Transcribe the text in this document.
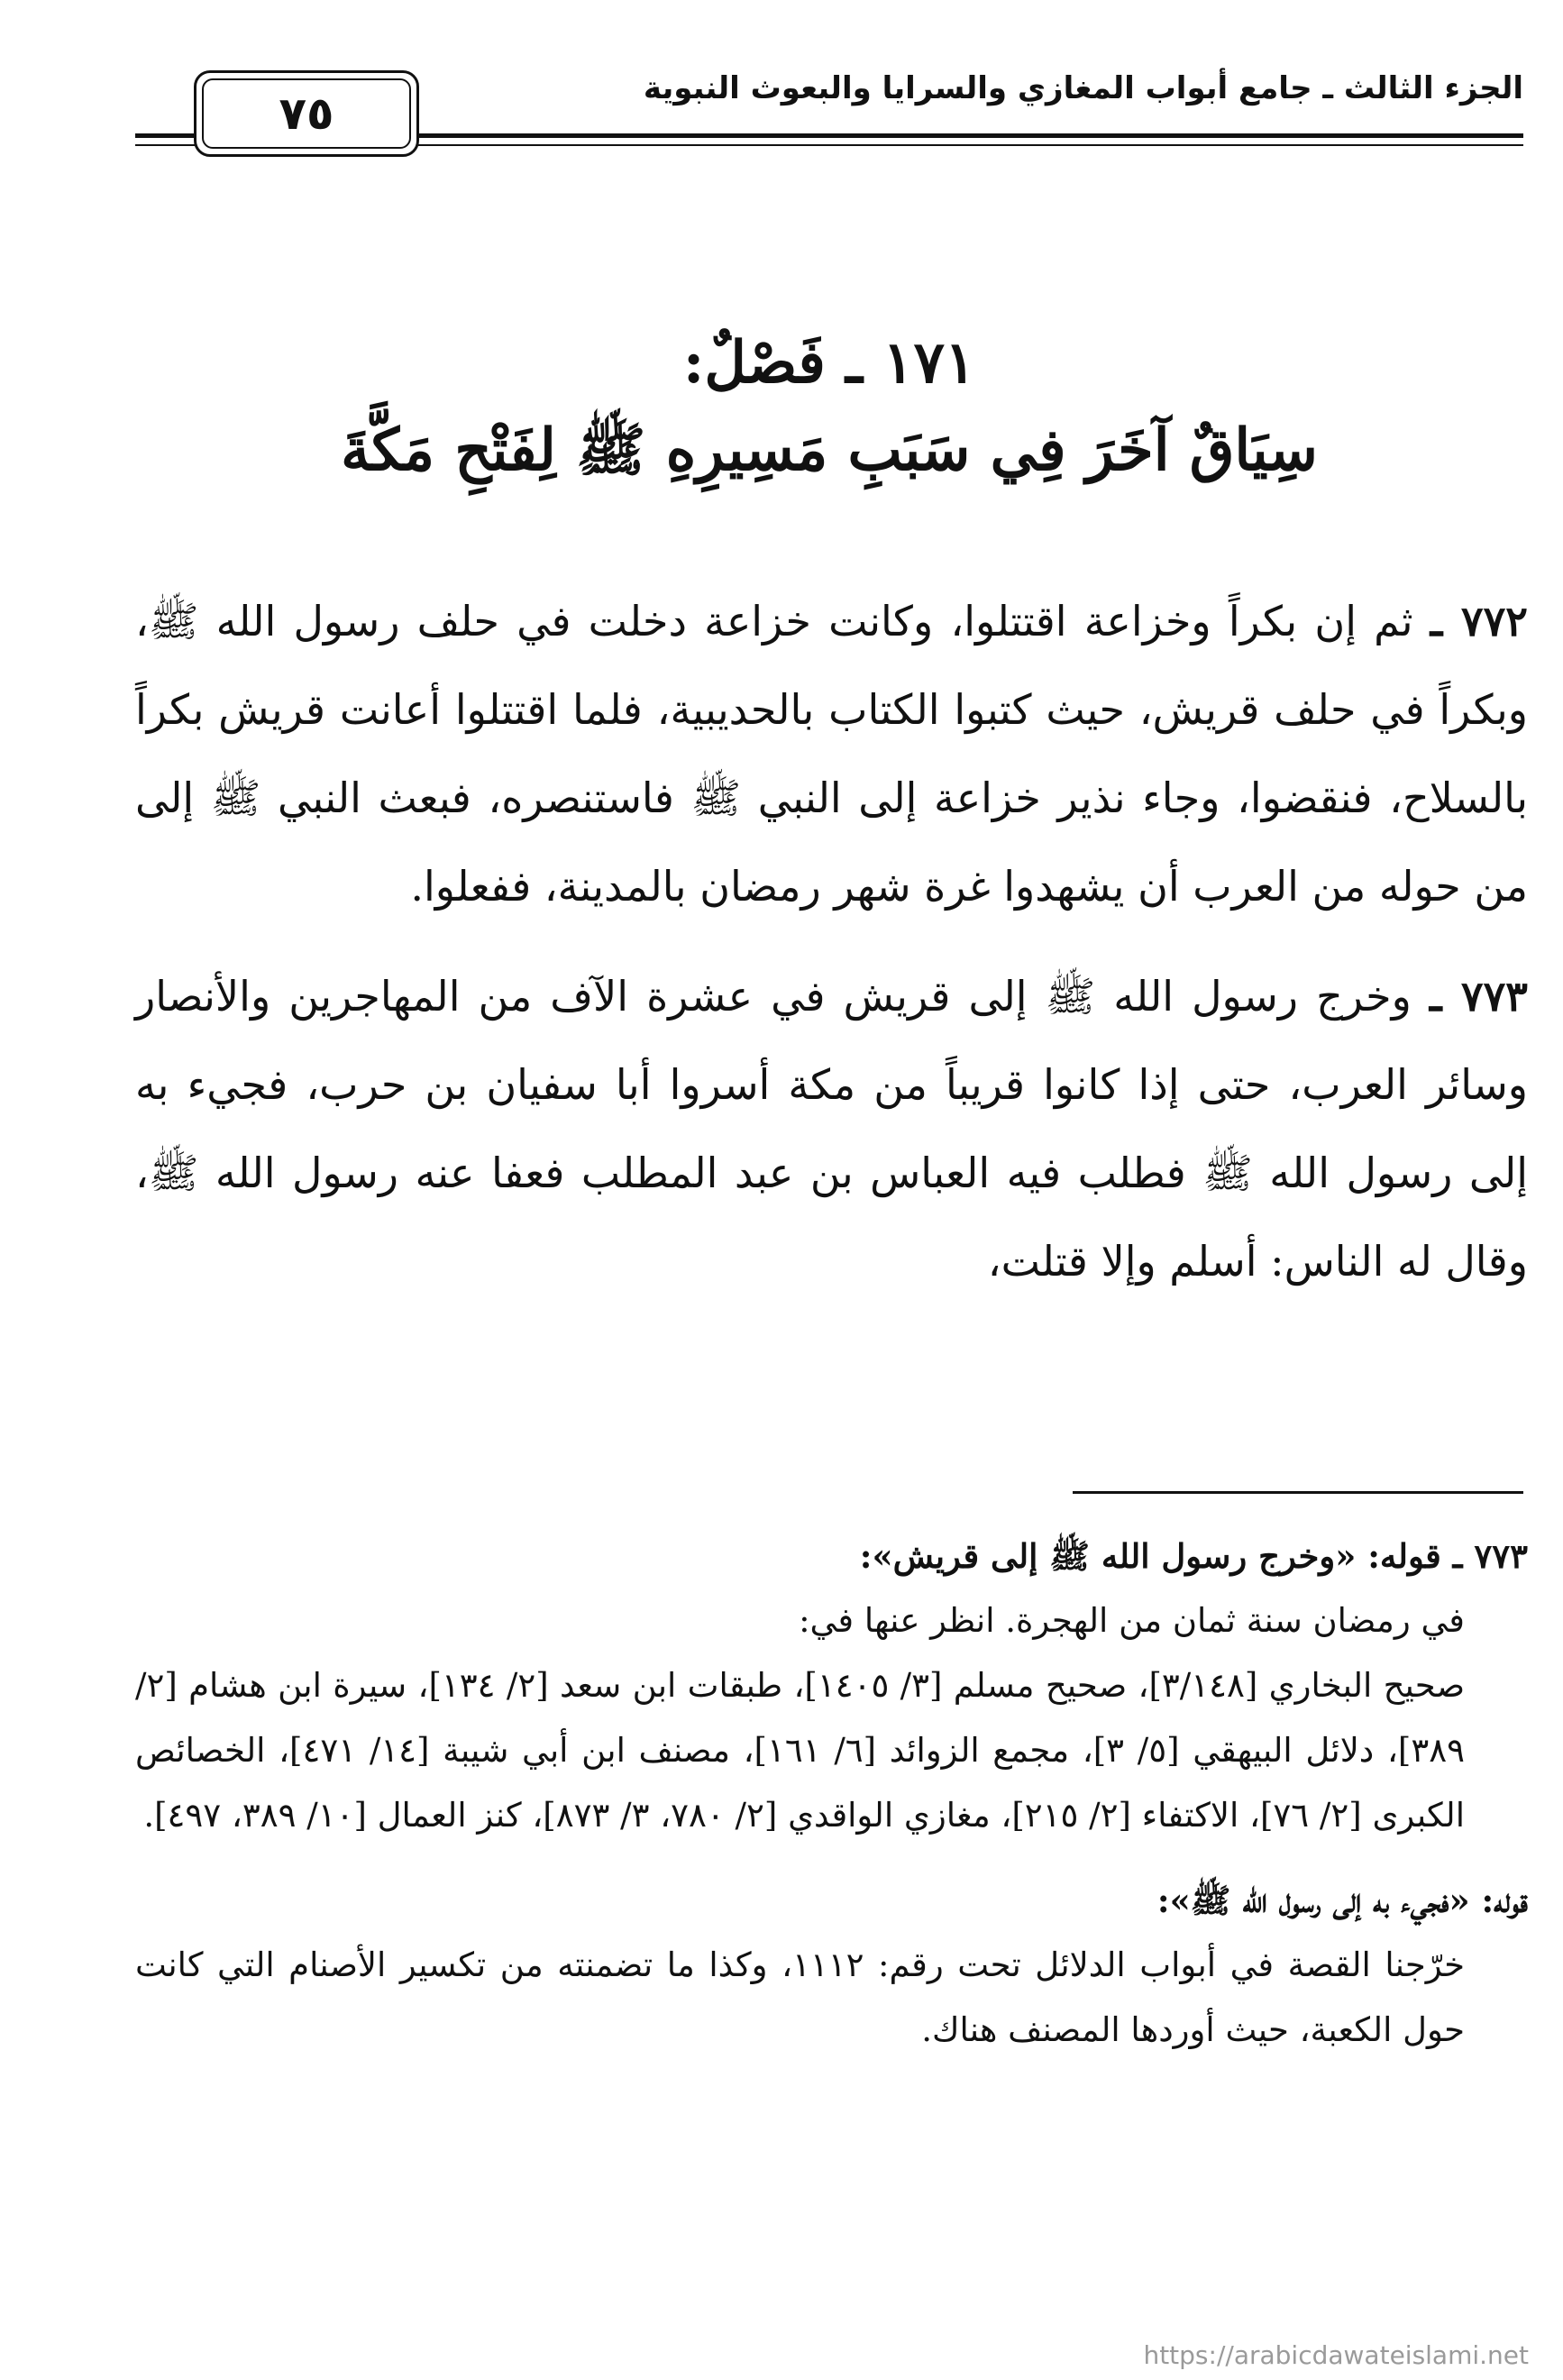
الجزء الثالث ـ جامع أبواب المغازي والسرايا والبعوث النبوية
٧٥
١٧١ ـ فَصْلٌ:
سِيَاقٌ آخَرَ فِي سَبَبِ مَسِيرِهِ ﷺ لِفَتْحِ مَكَّةَ

٧٧٢ ـ ثم إن بكراً وخزاعة اقتتلوا، وكانت خزاعة دخلت في حلف رسول الله ﷺ، وبكراً في حلف قريش، حيث كتبوا الكتاب بالحديبية، فلما اقتتلوا أعانت قريش بكراً بالسلاح، فنقضوا، وجاء نذير خزاعة إلى النبي ﷺ فاستنصره، فبعث النبي ﷺ إلى من حوله من العرب أن يشهدوا غرة شهر رمضان بالمدينة، ففعلوا.

٧٧٣ ـ وخرج رسول الله ﷺ إلى قريش في عشرة الآف من المهاجرين والأنصار وسائر العرب، حتى إذا كانوا قريباً من مكة أسروا أبا سفيان بن حرب، فجيء به إلى رسول الله ﷺ فطلب فيه العباس بن عبد المطلب فعفا عنه رسول الله ﷺ، وقال له الناس: أسلم وإلا قتلت،

٧٧٣ ـ قوله: «وخرج رسول الله ﷺ إلى قريش»:

في رمضان سنة ثمان من الهجرة. انظر عنها في:

صحيح البخاري [٣/١٤٨]، صحيح مسلم [٣/ ١٤٠٥]، طبقات ابن سعد [٢/ ١٣٤]، سيرة ابن هشام [٢/ ٣٨٩]، دلائل البيهقي [٥/ ٣]، مجمع الزوائد [٦/ ١٦١]، مصنف ابن أبي شيبة [١٤/ ٤٧١]، الخصائص الكبرى [٢/ ٧٦]، الاكتفاء [٢/ ٢١٥]، مغازي الواقدي [٢/ ٧٨٠، ٣/ ٨٧٣]، كنز العمال [١٠/ ٣٨٩، ٤٩٧].

قوله: «فجيء به إلى رسول الله ﷺ»:

خرّجنا القصة في أبواب الدلائل تحت رقم: ١١١٢، وكذا ما تضمنته من تكسير الأصنام التي كانت حول الكعبة، حيث أوردها المصنف هناك.

https://arabicdawateislami.net
